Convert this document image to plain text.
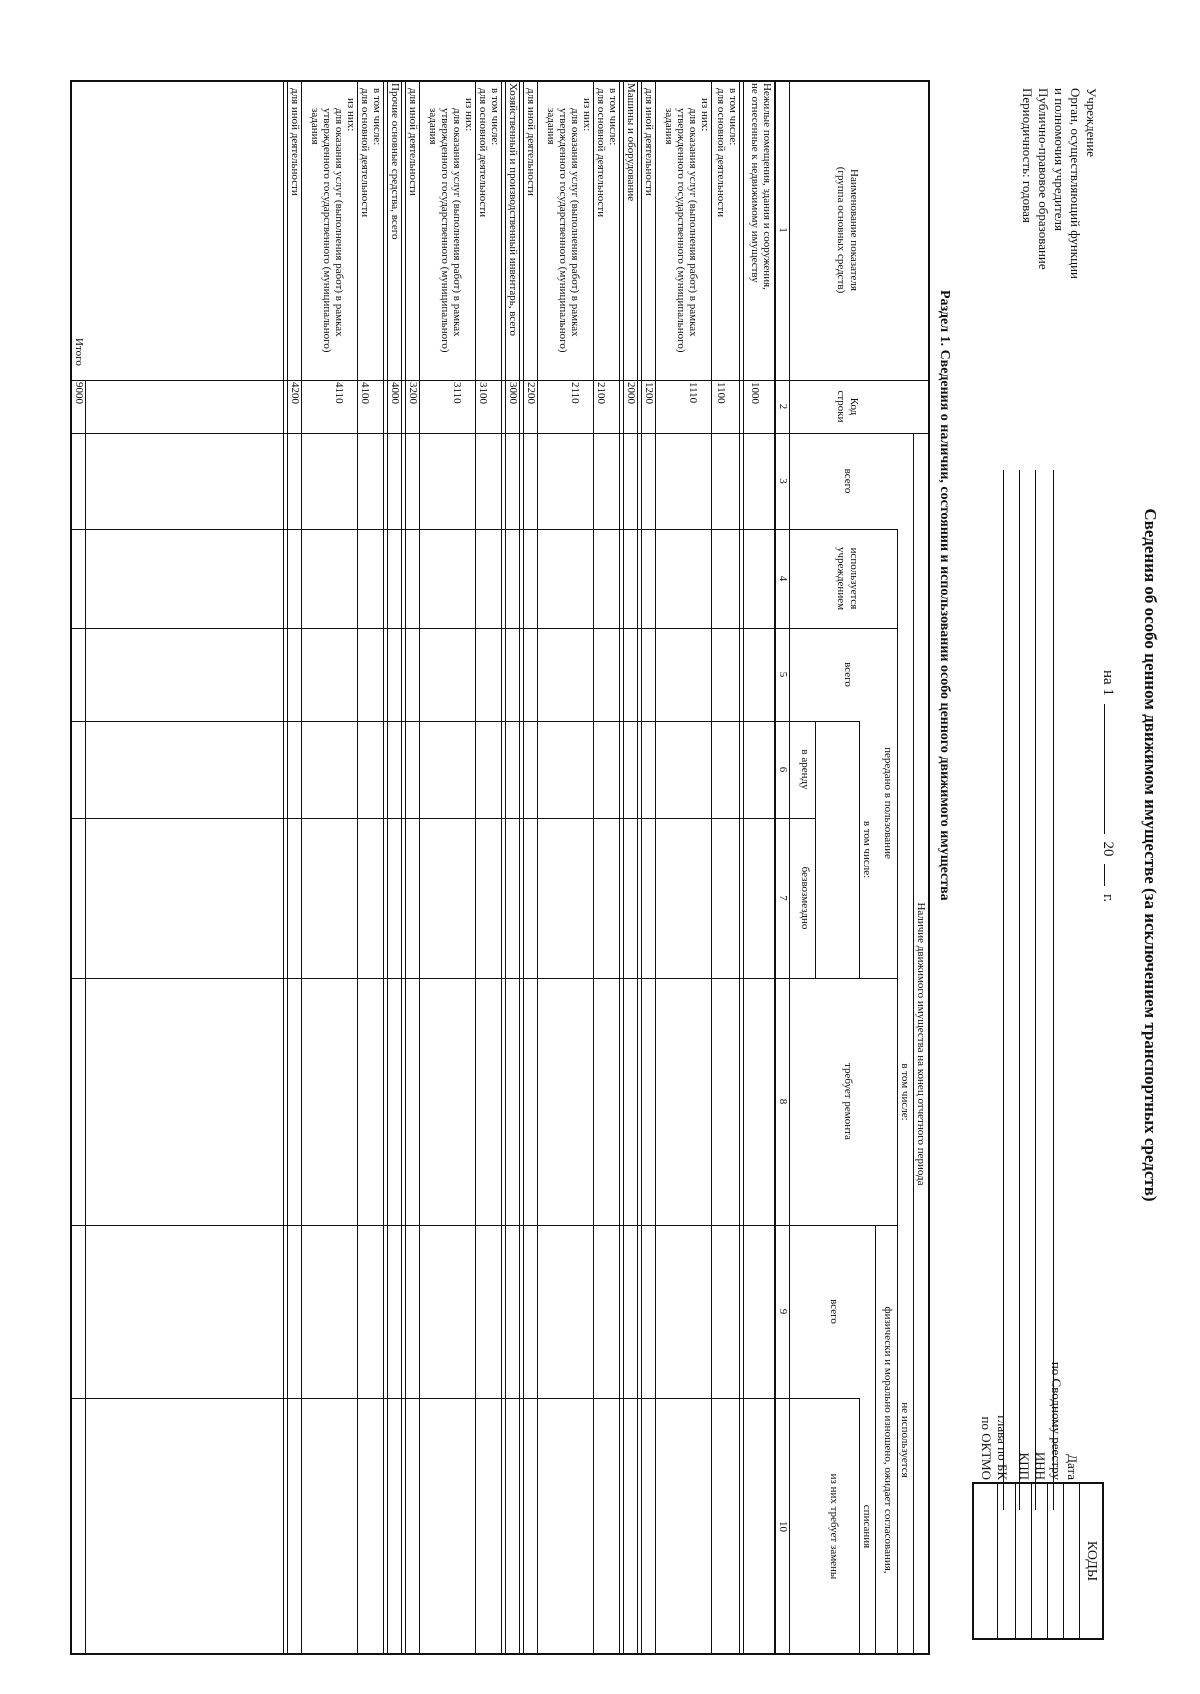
Сведения об особо ценном движимом имуществе (за исключением транспортных средств)
на 1  20  г.
Учреждение
Орган, осуществляющий функции
и полномочия учредителя
Публично-правовое образование
Периодичность: годовая
Дата
по Сводному реестру
ИНН
КПП
глава по БК
по ОКТМО
КОДЫ
Раздел 1. Сведения о наличии, состоянии и использовании особо ценного движимого имущества
Наименование показателя
(группа основных средств)
Код
строки
Наличие движимого имущества на конец отчетного периода
в том числе:
всего
используется
учреждением
передано в пользование
всего
в том числе:
в аренду
безвозмездно
требует ремонта
не используется
физически и морально изношено, ожидает согласования,
списания
всего
из них требует замены
1
2
3
4
5
6
7
8
9
10
Нежилые помещения, здания и сооружения,
не отнесенные к недвижимому имуществу
1000
в том числе:
для основной деятельности
1100
из них:
для оказания услуг (выполнения работ) в рамках
утвержденного государственного (муниципального)
задания
1110
для иной деятельности
1200
Машины и оборудование
2000
в том числе:
для основной деятельности
2100
из них:
для оказания услуг (выполнения работ) в рамках
утвержденного государственного (муниципального)
задания
2110
для иной деятельности
2200
Хозяйственный и производственный инвентарь, всего
3000
в том числе:
для основной деятельности
3100
из них:
для оказания услуг (выполнения работ) в рамках
утвержденного государственного (муниципального)
задания
3110
для иной деятельности
3200
Прочие основные средства, всего
4000
в том числе:
для основной деятельности
4100
из них:
для оказания услуг (выполнения работ) в рамках
утвержденного государственного (муниципального)
задания
4110
для иной деятельности
4200
Итого
9000
